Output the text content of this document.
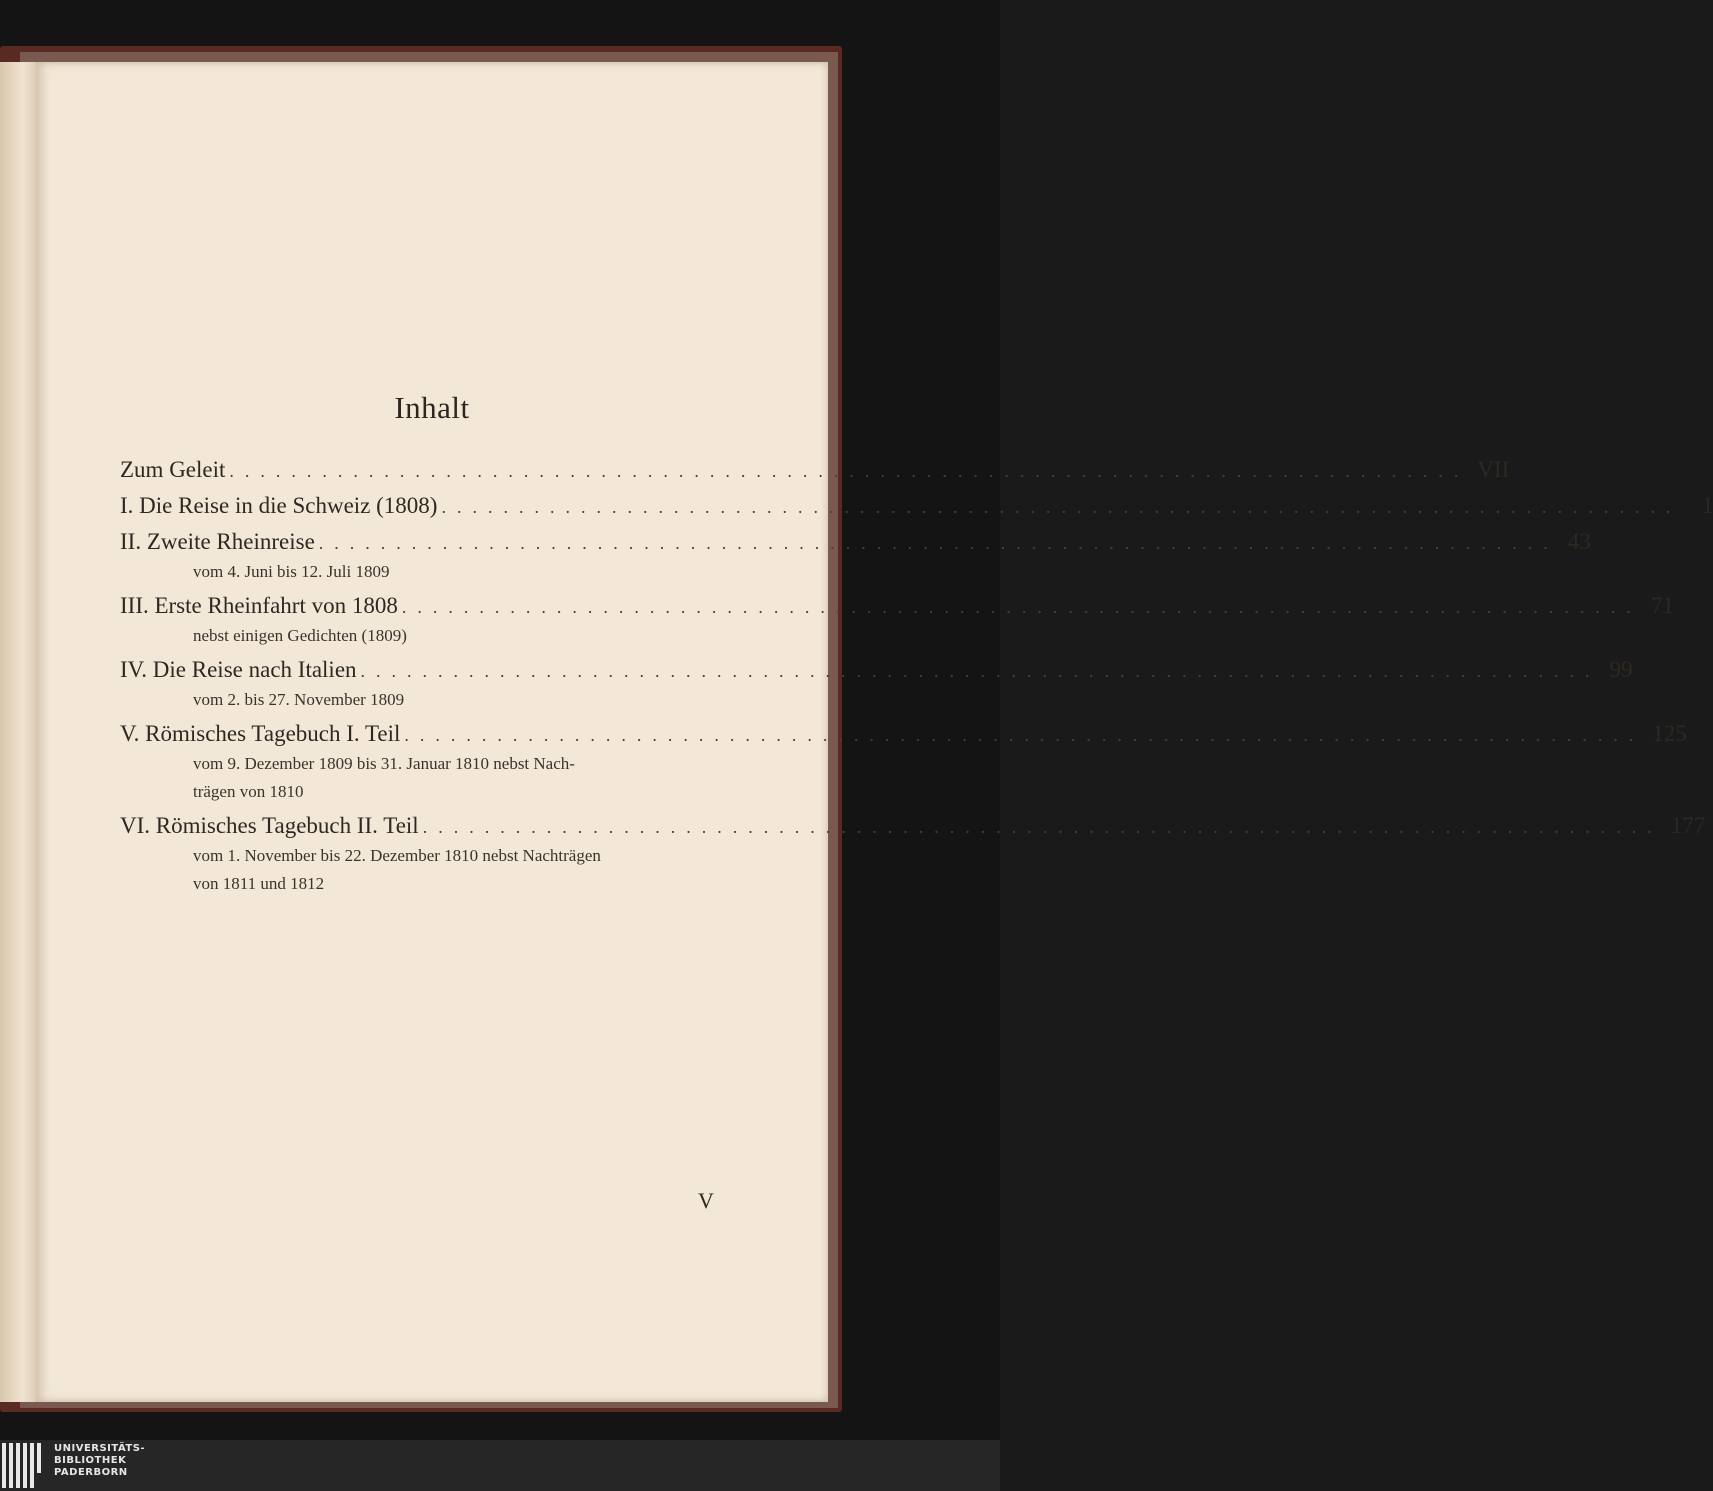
Inhalt
Zum Geleit ................................................................................ VII
I. Die Reise in die Schweiz (1808) ................................................................................ 1
II. Zweite Rheinreise ................................................................................ 43
vom 4. Juni bis 12. Juli 1809
III. Erste Rheinfahrt von 1808 ................................................................................ 71
nebst einigen Gedichten (1809)
IV. Die Reise nach Italien ................................................................................ 99
vom 2. bis 27. November 1809
V. Römisches Tagebuch I. Teil ................................................................................ 125
vom 9. Dezember 1809 bis 31. Januar 1810 nebst Nach-
trägen von 1810
VI. Römisches Tagebuch II. Teil ................................................................................ 177
vom 1. November bis 22. Dezember 1810 nebst Nachträgen
von 1811 und 1812
V
UNIVERSITÄTS-
BIBLIOTHEK
PADERBORN
